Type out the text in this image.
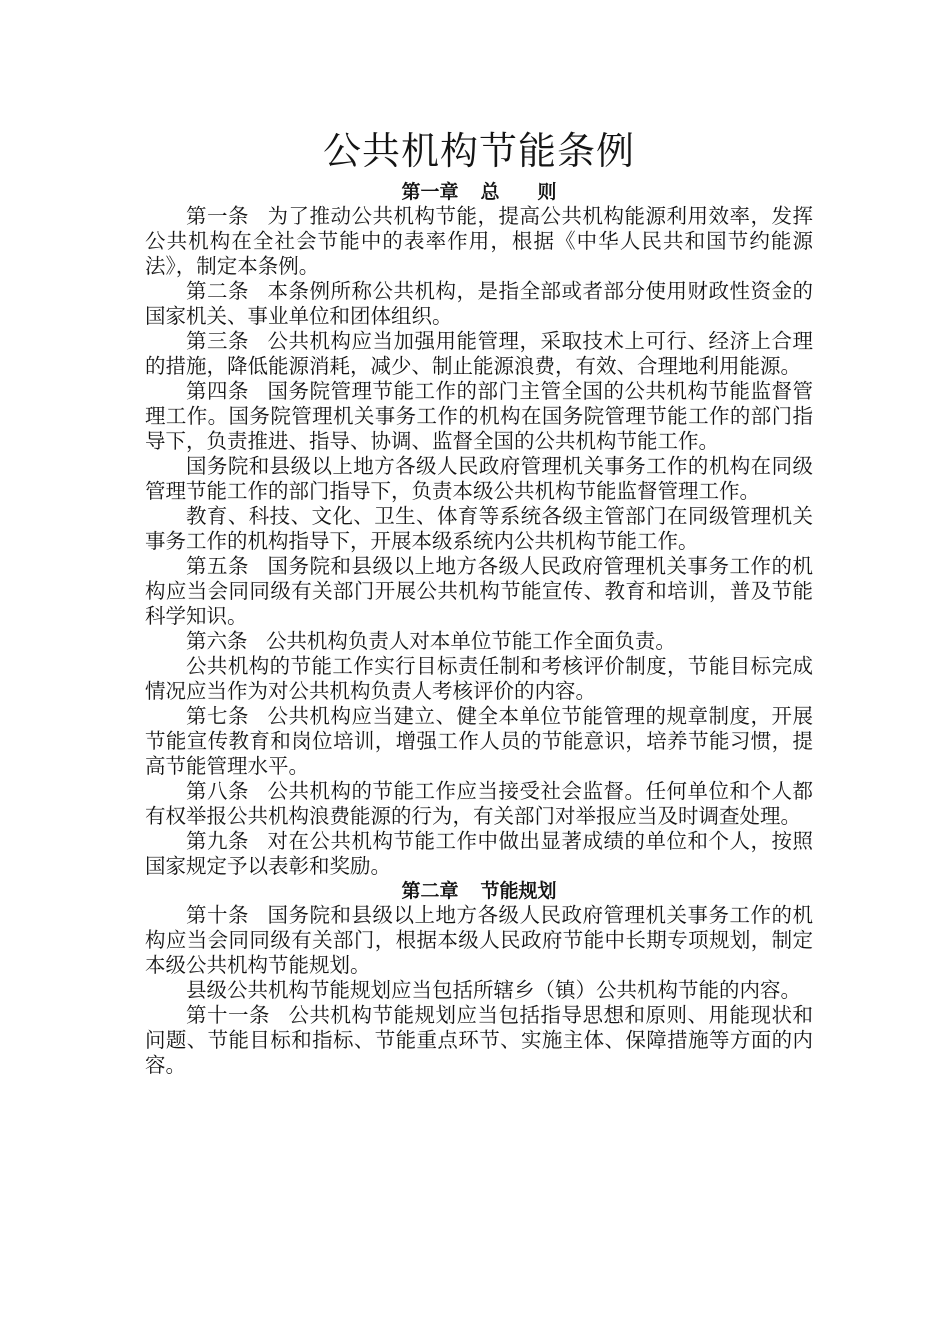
公共机构节能条例
第一章 总　　则

第一条 为了推动公共机构节能，提高公共机构能源利用效率，发挥公共机构在全社会节能中的表率作用，根据《中华人民共和国节约能源法》，制定本条例。

第二条 本条例所称公共机构，是指全部或者部分使用财政性资金的国家机关、事业单位和团体组织。

第三条 公共机构应当加强用能管理，采取技术上可行、经济上合理的措施，降低能源消耗，减少、制止能源浪费，有效、合理地利用能源。

第四条 国务院管理节能工作的部门主管全国的公共机构节能监督管理工作。国务院管理机关事务工作的机构在国务院管理节能工作的部门指导下，负责推进、指导、协调、监督全国的公共机构节能工作。

国务院和县级以上地方各级人民政府管理机关事务工作的机构在同级管理节能工作的部门指导下，负责本级公共机构节能监督管理工作。

教育、科技、文化、卫生、体育等系统各级主管部门在同级管理机关事务工作的机构指导下，开展本级系统内公共机构节能工作。

第五条 国务院和县级以上地方各级人民政府管理机关事务工作的机构应当会同同级有关部门开展公共机构节能宣传、教育和培训，普及节能科学知识。

第六条 公共机构负责人对本单位节能工作全面负责。

公共机构的节能工作实行目标责任制和考核评价制度，节能目标完成情况应当作为对公共机构负责人考核评价的内容。

第七条 公共机构应当建立、健全本单位节能管理的规章制度，开展节能宣传教育和岗位培训，增强工作人员的节能意识，培养节能习惯，提高节能管理水平。

第八条 公共机构的节能工作应当接受社会监督。任何单位和个人都有权举报公共机构浪费能源的行为，有关部门对举报应当及时调查处理。

第九条 对在公共机构节能工作中做出显著成绩的单位和个人，按照国家规定予以表彰和奖励。

第二章 节能规划

第十条 国务院和县级以上地方各级人民政府管理机关事务工作的机构应当会同同级有关部门，根据本级人民政府节能中长期专项规划，制定本级公共机构节能规划。

县级公共机构节能规划应当包括所辖乡（镇）公共机构节能的内容。

第十一条 公共机构节能规划应当包括指导思想和原则、用能现状和问题、节能目标和指标、节能重点环节、实施主体、保障措施等方面的内容。
